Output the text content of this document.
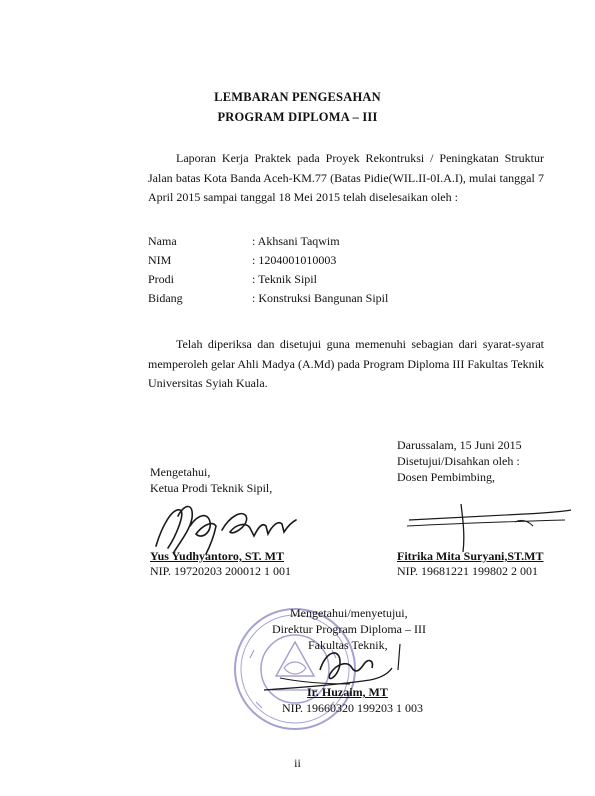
LEMBARAN PENGESAHAN
PROGRAM DIPLOMA – III
Laporan Kerja Praktek pada Proyek Rekontruksi / Peningkatan Struktur Jalan batas Kota Banda Aceh-KM.77 (Batas Pidie(WIL.II-0I.A.I), mulai tanggal 7 April 2015 sampai tanggal 18 Mei 2015 telah diselesaikan oleh :
Nama	: Akhsani Taqwim
NIM	: 1204001010003
Prodi	: Teknik Sipil
Bidang	: Konstruksi Bangunan Sipil
Telah diperiksa dan disetujui guna memenuhi sebagian dari syarat-syarat memperoleh gelar Ahli Madya (A.Md) pada Program Diploma III Fakultas Teknik Universitas Syiah Kuala.
Darussalam, 15 Juni 2015
Disetujui/Disahkan oleh :
Dosen Pembimbing,
Mengetahui,
Ketua Prodi Teknik Sipil,
Yus Yudhyantoro, ST. MT
NIP. 19720203 200012 1 001
Fitrika Mita Suryani,ST.MT
NIP. 19681221 199802 2 001
Mengetahui/menyetujui,
Direktur Program Diploma – III
Fakultas Teknik,
Ir. Huzaim, MT
NIP. 19660320 199203 1 003
ii
